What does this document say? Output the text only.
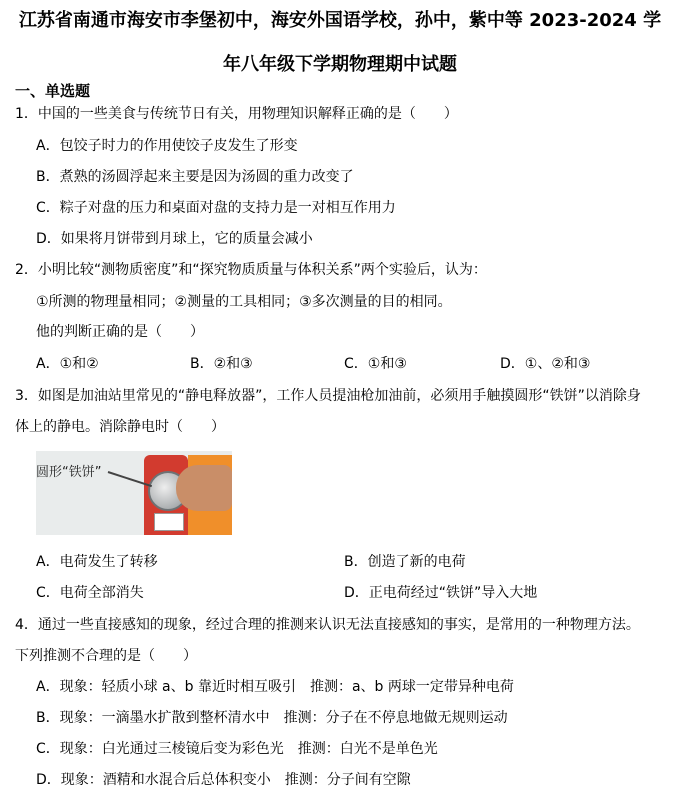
江苏省南通市海安市李堡初中，海安外国语学校，孙中，紫中等 2023-2024 学
年八年级下学期物理期中试题
一、单选题
1．中国的一些美食与传统节日有关，用物理知识解释正确的是（　　）
A．包饺子时力的作用使饺子皮发生了形变
B．煮熟的汤圆浮起来主要是因为汤圆的重力改变了
C．粽子对盘的压力和桌面对盘的支持力是一对相互作用力
D．如果将月饼带到月球上，它的质量会减小
2．小明比较“测物质密度”和“探究物质质量与体积关系”两个实验后，认为：
①所测的物理量相同；②测量的工具相同；③多次测量的目的相同。
他的判断正确的是（　　）
A．①和②	B．②和③	C．①和③	D．①、②和③
3．如图是加油站里常见的“静电释放器”，工作人员提油枪加油前，必须用手触摸圆形“铁饼”以消除身
体上的静电。消除静电时（　　）
圆形“铁饼”
A．电荷发生了转移	B．创造了新的电荷
C．电荷全部消失	D．正电荷经过“铁饼”导入大地
4．通过一些直接感知的现象，经过合理的推测来认识无法直接感知的事实，是常用的一种物理方法。
下列推测不合理的是（　　）
A．现象：轻质小球 a、b 靠近时相互吸引　推测：a、b 两球一定带异种电荷
B．现象：一滴墨水扩散到整杯清水中　推测：分子在不停息地做无规则运动
C．现象：白光通过三棱镜后变为彩色光　推测：白光不是单色光
D．现象：酒精和水混合后总体积变小　推测：分子间有空隙
